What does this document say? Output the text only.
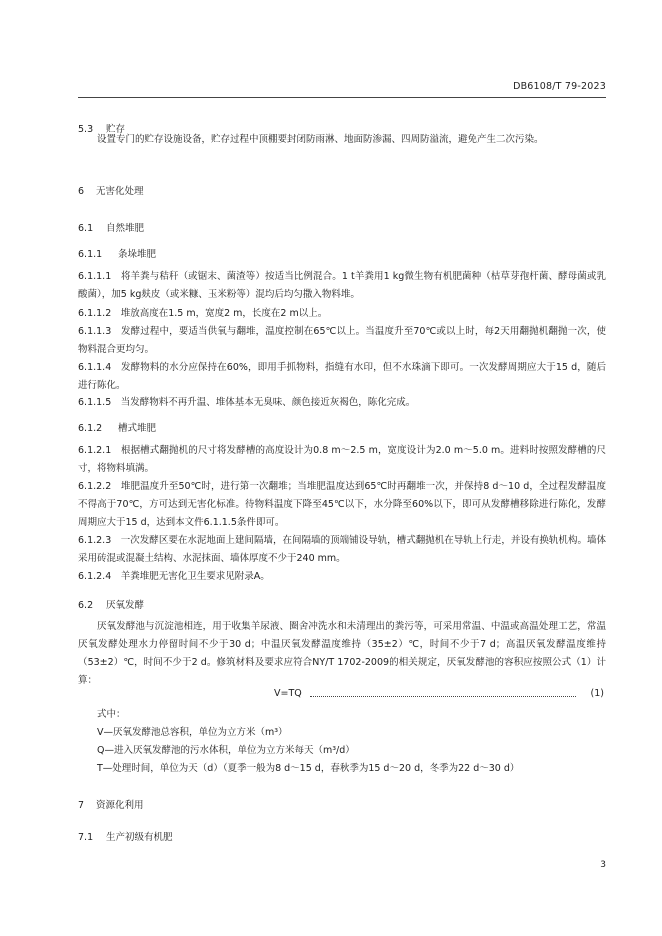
DB6108/T 79-2023
5.3 贮存
设置专门的贮存设施设备，贮存过程中顶棚要封闭防雨淋、地面防渗漏、四周防溢流，避免产生二次污染。
6 无害化处理
6.1 自然堆肥
6.1.1 条垛堆肥
6.1.1.1　将羊粪与秸秆（或锯末、菌渣等）按适当比例混合。1 t羊粪用1 kg微生物有机肥菌种（枯草芽孢杆菌、酵母菌或乳酸菌），加5 kg麸皮（或米糠、玉米粉等）混均后均匀撒入物料堆。
6.1.1.2　堆放高度在1.5 m，宽度2 m，长度在2 m以上。
6.1.1.3　发酵过程中，要适当供氧与翻堆，温度控制在65℃以上。当温度升至70℃或以上时，每2天用翻抛机翻抛一次，使物料混合更均匀。
6.1.1.4　发酵物料的水分应保持在60%，即用手抓物料，指缝有水印，但不水珠滴下即可。一次发酵周期应大于15 d，随后进行陈化。
6.1.1.5　当发酵物料不再升温、堆体基本无臭味、颜色接近灰褐色，陈化完成。
6.1.2 槽式堆肥
6.1.2.1　根据槽式翻抛机的尺寸将发酵槽的高度设计为0.8 m～2.5 m，宽度设计为2.0 m～5.0 m。进料时按照发酵槽的尺寸，将物料填满。
6.1.2.2　堆肥温度升至50℃时，进行第一次翻堆；当堆肥温度达到65℃时再翻堆一次，并保持8 d～10 d，全过程发酵温度不得高于70℃，方可达到无害化标准。待物料温度下降至45℃以下，水分降至60%以下，即可从发酵槽移除进行陈化，发酵周期应大于15 d，达到本文件6.1.1.5条件即可。
6.1.2.3　一次发酵区要在水泥地面上建间隔墙，在间隔墙的顶端铺设导轨，槽式翻抛机在导轨上行走，并设有换轨机构。墙体采用砖混或混凝土结构、水泥抹面、墙体厚度不少于240 mm。
6.1.2.4　羊粪堆肥无害化卫生要求见附录A。
6.2 厌氧发酵
厌氧发酵池与沉淀池相连，用于收集羊尿液、圈舍冲洗水和未清理出的粪污等，可采用常温、中温或高温处理工艺，常温厌氧发酵处理水力停留时间不少于30 d；中温厌氧发酵温度维持（35±2）℃，时间不少于7 d；高温厌氧发酵温度维持（53±2）℃，时间不少于2 d。修筑材料及要求应符合NY/T 1702-2009的相关规定，厌氧发酵池的容积应按照公式（1）计算：
V=TQ	(1)
式中：
V—厌氧发酵池总容积，单位为立方米（m³）
Q—进入厌氧发酵池的污水体积，单位为立方米每天（m³/d）
T—处理时间，单位为天（d）（夏季一般为8 d～15 d，春秋季为15 d～20 d，冬季为22 d～30 d）
7 资源化利用
7.1 生产初级有机肥
3
